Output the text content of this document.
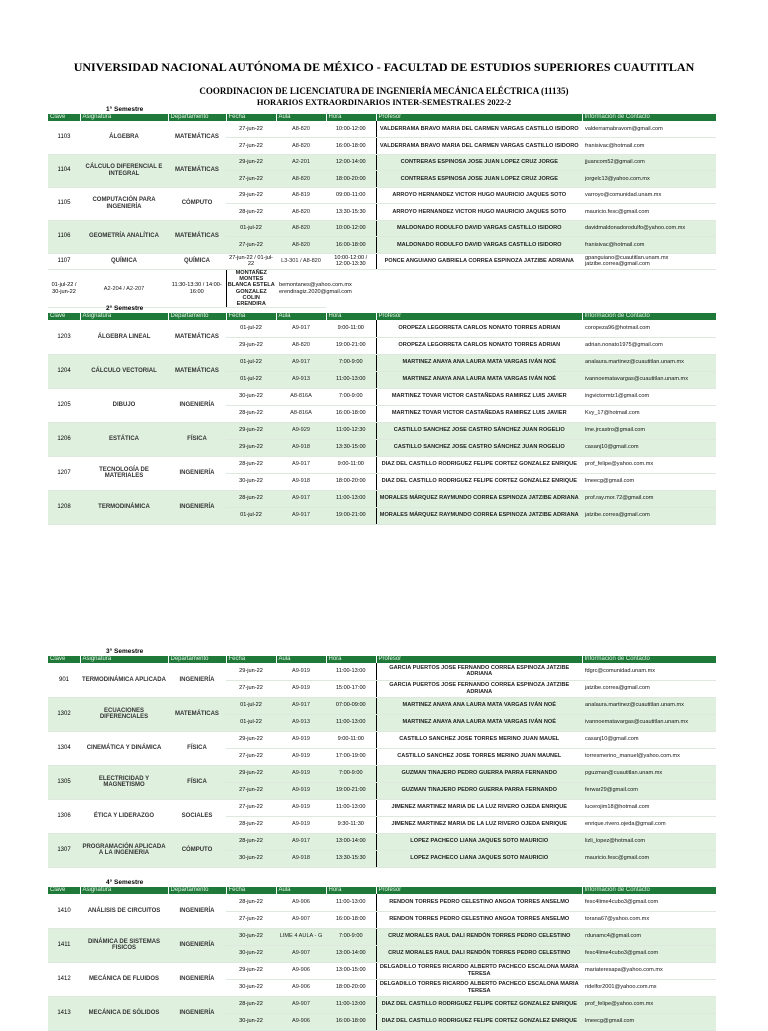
UNIVERSIDAD NACIONAL AUTÓNOMA DE MÉXICO - FACULTAD DE ESTUDIOS SUPERIORES CUAUTITLAN
COORDINACION DE LICENCIATURA DE INGENIERÍA MECÁNICA ELÉCTRICA (11135)
HORARIOS EXTRAORDINARIOS INTER-SEMESTRALES 2022-2
1° Semestre
Clave	Asignatura	Departamento	Fecha	Aula	Hora	Profesor	Información de Contacto
1103	ÁLGEBRA	MATEMÁTICAS	27-jun-22	A8-820	10:00-12:00	VALDERRAMA BRAVO MARIA DEL CARMEN VARGAS CASTILLO ISIDORO	valderramabravom@gmail.com
			27-jun-22	A8-820	16:00-18:00	VALDERRAMA BRAVO MARIA DEL CARMEN VARGAS CASTILLO ISIDORO	franisivac@hotmail.com
1104	CÁLCULO DIFERENCIAL E INTEGRAL	MATEMÁTICAS	29-jun-22	A2-201	12:00-14:00	CONTRERAS ESPINOSA JOSE JUAN LOPEZ CRUZ JORGE	jjuancom52@gmail.com
			27-jun-22	A8-820	18:00-20:00	CONTRERAS ESPINOSA JOSE JUAN LOPEZ CRUZ JORGE	jorgelc13@yahoo.com.mx
1105	COMPUTACIÓN PARA INGENIERÍA	CÓMPUTO	29-jun-22	A8-819	09:00-11:00	ARROYO HERNANDEZ VICTOR HUGO MAURICIO JAQUES SOTO	varroyo@comunidad.unam.mx
			28-jun-22	A8-820	13:30-15:30	ARROYO HERNANDEZ VICTOR HUGO MAURICIO JAQUES SOTO	mauricio.fesc@gmail.com
1106	GEOMETRÍA ANALÍTICA	MATEMÁTICAS	01-jul-22	A8-820	10:00-12:00	MALDONADO RODULFO DAVID VARGAS CASTILLO ISIDORO	davidmaldonadorodulfo@yahoo.com.mx
			27-jun-22	A8-820	16:00-18:00	MALDONADO RODULFO DAVID VARGAS CASTILLO ISIDORO	franisivac@hotmail.com
1107	QUÍMICA	QUÍMICA	27-jun-22 / 01-jul-22	L3-301 / A8-820	10:00-12:00 / 12:00-13:30	PONCE ANGUIANO GABRIELA CORREA ESPINOZA JATZIBE ADRIANA	gpanguiano@cuautitlan.unam.mx jatzibe.correa@gmail.com
01-jul-22 / 30-jun-22	A2-204 / A2-207	11:30-13:30 / 14:00-16:00	MONTAÑEZ MONTES BLANCA ESTELA GONZALEZ COLIN ERENDIRA	bemontanes@yahoo.com.mx erendiragiz.2020@gmail.com			
2° Semestre
Clave	Asignatura	Departamento	Fecha	Aula	Hora	Profesor	Información de Contacto
1203	ÁLGEBRA LINEAL	MATEMÁTICAS	01-jul-22	A9-917	9:00-11:00	OROPEZA LEGORRETA CARLOS NONATO TORRES ADRIAN	coropeza96@hotmail.com
			29-jun-22	A8-820	19:00-21:00	OROPEZA LEGORRETA CARLOS NONATO TORRES ADRIAN	adrian.nonato1975@gmail.com
1204	CÁLCULO VECTORIAL	MATEMÁTICAS	01-jul-22	A9-917	7:00-9:00	MARTINEZ ANAYA ANA LAURA MATA VARGAS IVÁN NOÉ	analaura.martinez@cuautitlan.unam.mx
			01-jul-22	A9-913	11:00-13:00	MARTINEZ ANAYA ANA LAURA MATA VARGAS IVÁN NOÉ	ivannoematavargas@cuautitlan.unam.mx
1205	DIBUJO	INGENIERÍA	30-jun-22	A8-816A	7:00-9:00	MARTINEZ TOVAR VICTOR CASTAÑEDAS RAMIREZ LUIS JAVIER	ingvictormtz1@gmail.com
			28-jun-22	A8-816A	16:00-18:00	MARTINEZ TOVAR VICTOR CASTAÑEDAS RAMIREZ LUIS JAVIER	Kvy_17@hotmail.com
1206	ESTÁTICA	FÍSICA	29-jun-22	A9-929	11:00-12:30	CASTILLO SANCHEZ JOSE CASTRO SÁNCHEZ JUAN ROGELIO	lme.jrcastro@gmail.com
			29-jun-22	A9-918	13:30-15:00	CASTILLO SANCHEZ JOSE CASTRO SÁNCHEZ JUAN ROGELIO	casanj10@gmail.com
1207	TECNOLOGÍA DE MATERIALES	INGENIERÍA	28-jun-22	A9-917	9:00-11:00	DIAZ DEL CASTILLO RODRIGUEZ FELIPE CORTEZ GONZALEZ ENRIQUE	prof_felipe@yahoo.com.mx
			30-jun-22	A9-918	18:00-20:00	DIAZ DEL CASTILLO RODRIGUEZ FELIPE CORTEZ GONZALEZ ENRIQUE	lmeecg@gmail.com
1208	TERMODINÁMICA	INGENIERÍA	28-jun-22	A9-917	11:00-13:00	MORALES MÁRQUEZ RAYMUNDO CORREA ESPINOZA JATZIBE ADRIANA	prof.ray.mor.72@gmail.com
			01-jul-22	A9-917	19:00-21:00	MORALES MÁRQUEZ RAYMUNDO CORREA ESPINOZA JATZIBE ADRIANA	jatzibe.correa@gmail.com
3° Semestre
Clave	Asignatura	Departamento	Fecha	Aula	Hora	Profesor	Información de Contacto
901	TERMODINÁMICA APLICADA	INGENIERÍA	29-jun-22	A9-919	11:00-13:00	GARCIA PUERTOS JOSE FERNANDO CORREA ESPINOZA JATZIBE ADRIANA	fdgrc@comunidad.unam.mx
			27-jun-22	A9-919	15:00-17:00	GARCIA PUERTOS JOSE FERNANDO CORREA ESPINOZA JATZIBE ADRIANA	jatzibe.correa@gmail.com
1302	ECUACIONES DIFERENCIALES	MATEMÁTICAS	01-jul-22	A9-917	07:00-09:00	MARTINEZ ANAYA ANA LAURA MATA VARGAS IVÁN NOÉ	analaura.martinez@cuautitlan.unam.mx
			01-jul-22	A9-913	11:00-13:00	MARTINEZ ANAYA ANA LAURA MATA VARGAS IVÁN NOÉ	ivannoematavargas@cuautitlan.unam.mx
1304	CINEMÁTICA Y DINÁMICA	FÍSICA	29-jun-22	A9-919	9:00-11:00	CASTILLO SANCHEZ JOSE TORRES MERINO JUAN MAUEL	casanj10@gmail.com
			27-jun-22	A9-919	17:00-19:00	CASTILLO SANCHEZ JOSE TORRES MERINO JUAN MAUNEL	torresmerino_manuel@yahoo.com.mx
1305	ELECTRICIDAD Y MAGNETISMO	FÍSICA	29-jun-22	A9-919	7:00-9:00	GUZMAN TINAJERO PEDRO GUERRA PARRA FERNANDO	pguzman@cuautitlan.unam.mx
			27-jun-22	A9-919	19:00-21:00	GUZMAN TINAJERO PEDRO GUERRA PARRA FERNANDO	ferwar29@gmail.com
1306	ÉTICA Y LIDERAZGO	SOCIALES	27-jun-22	A9-919	11:00-13:00	JIMENEZ MARTINEZ MARIA DE LA LUZ RIVERO OJEDA ENRIQUE	lucerojim18@hotmail.com
			28-jun-22	A9-919	9:30-11:30	JIMENEZ MARTINEZ MARIA DE LA LUZ RIVERO OJEDA ENRIQUE	enrique.rivero.ojeda@gmail.com
1307	PROGRAMACIÓN APLICADA A LA INGENIERIA	CÓMPUTO	28-jun-22	A9-917	13:00-14:00	LOPEZ PACHECO LIANA JAQUES SOTO MAURICIO	lizli_lopez@hotmail.com
			30-jun-22	A9-918	13:30-15:30	LOPEZ PACHECO LIANA JAQUES SOTO MAURICIO	mauricio.fesc@gmail.com
4° Semestre
Clave	Asignatura	Departamento	Fecha	Aula	Hora	Profesor	Información de Contacto
1410	ANÁLISIS DE CIRCUITOS	INGENIERÍA	28-jun-22	A9-906	11:00-13:00	RENDON TORRES PEDRO CELESTINO ANGOA TORRES ANSELMO	fesc4lime4cubo3@gmail.com
			27-jun-22	A9-907	16:00-18:00	RENDON TORRES PEDRO CELESTINO ANGOA TORRES ANSELMO	torana67@yahoo.com.mx
1411	DINÁMICA DE SISTEMAS FISICOS	INGENIERÍA	30-jun-22	LIME 4 AULA - G	7:00-9:00	CRUZ MORALES RAUL DALI RENDÓN TORRES PEDRO CELESTINO	rdunamc4@gmail.com
			30-jun-22	A9-907	13:00-14:00	CRUZ MORALES RAUL DALI RENDÓN TORRES PEDRO CELESTINO	fesc4lime4cubo3@gmail.com
1412	MECÁNICA DE FLUIDOS	INGENIERÍA	29-jun-22	A9-906	13:00-15:00	DELGADILLO TORRES RICARDO ALBERTO PACHECO ESCALONA MARIA TERESA	mariateresapa@yahoo.com.mx
			30-jun-22	A9-906	18:00-20:00	DELGADILLO TORRES RICARDO ALBERTO PACHECO ESCALONA MARIA TERESA	ridelfor2001@yahoo.com.mx
1413	MECÁNICA DE SÓLIDOS	INGENIERÍA	28-jun-22	A9-907	11:00-13:00	DIAZ DEL CASTILLO RODRIGUEZ FELIPE CORTEZ GONZALEZ ENRIQUE	prof_felipe@yahoo.com.mx
			30-jun-22	A9-906	16:00-18:00	DIAZ DEL CASTILLO RODRIGUEZ FELIPE CORTEZ GONZALEZ ENRIQUE	lmeecg@gmail.com
